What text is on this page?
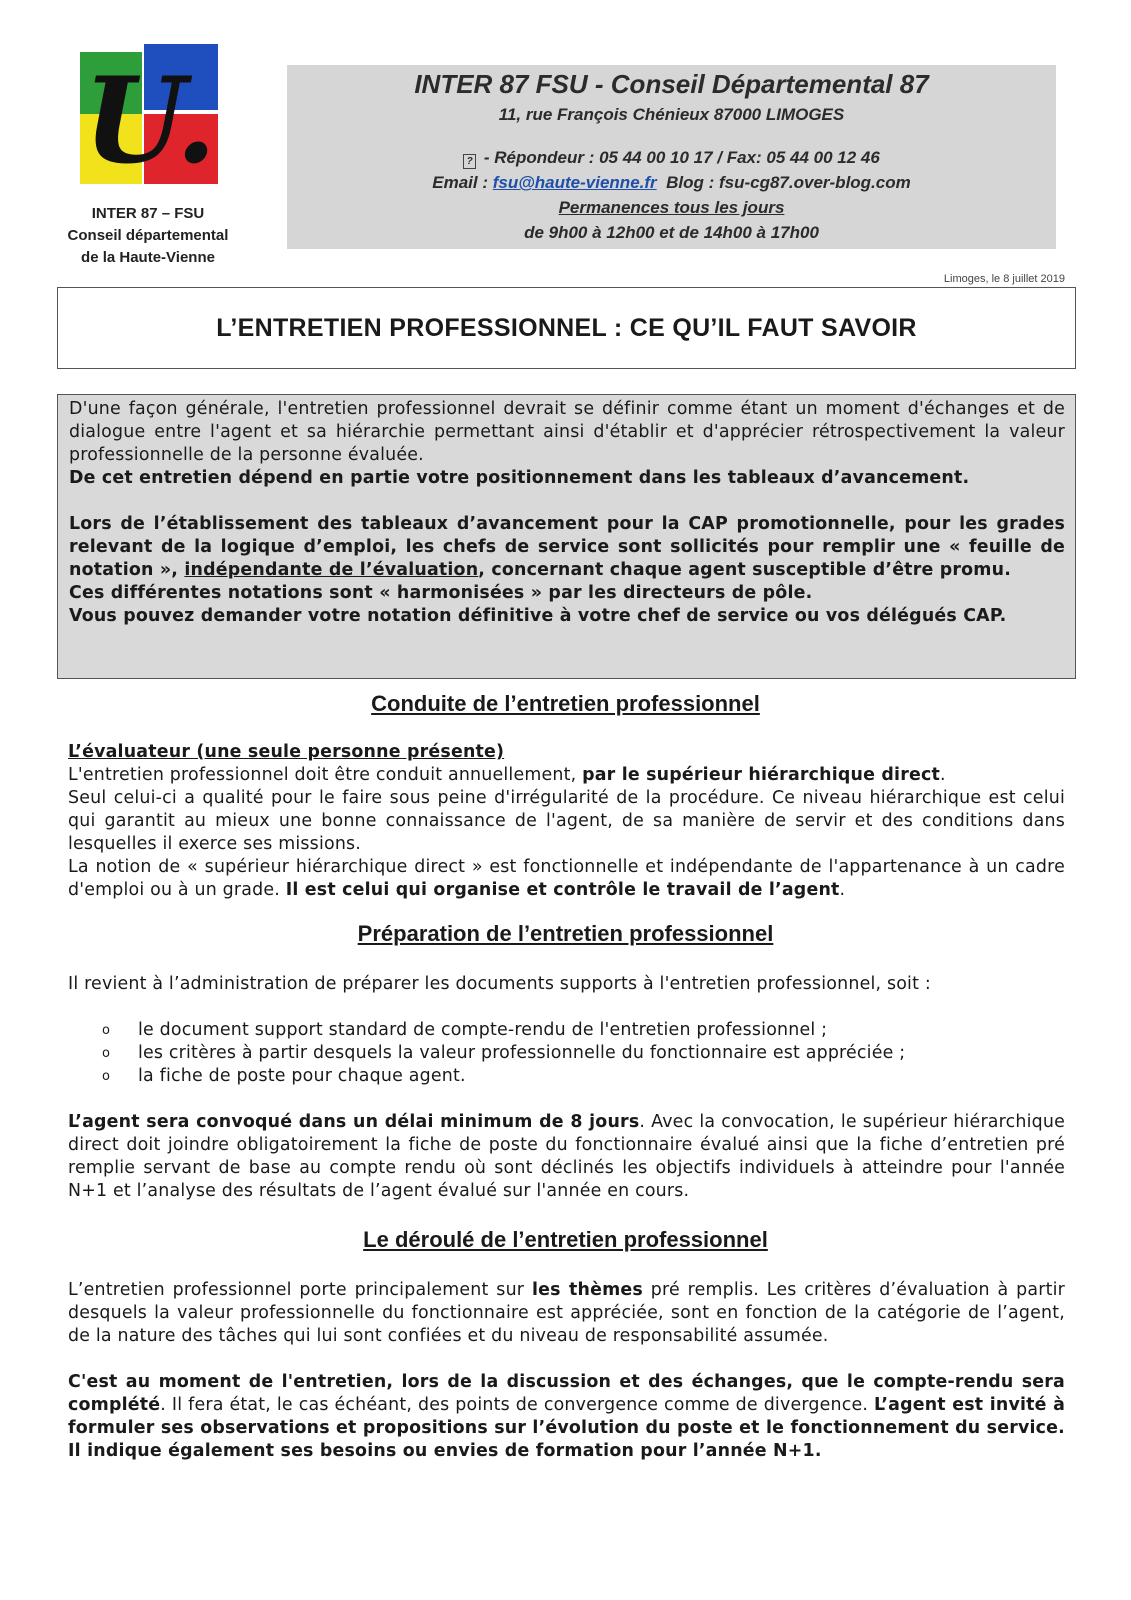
U.
INTER 87 – FSU
Conseil départemental
de la Haute-Vienne
INTER 87 FSU - Conseil Départemental 87
11, rue François Chénieux 87000 LIMOGES
? - Répondeur : 05 44 00 10 17 / Fax: 05 44 00 12 46
Email : fsu@haute-vienne.fr  Blog : fsu-cg87.over-blog.com
Permanences tous les jours
de 9h00 à 12h00 et de 14h00 à 17h00
Limoges, le 8 juillet 2019
L’ENTRETIEN PROFESSIONNEL : CE QU’IL FAUT SAVOIR

D'une façon générale, l'entretien professionnel devrait se définir comme étant un moment d'échanges et de dialogue entre l'agent et sa hiérarchie permettant ainsi d'établir et d'apprécier rétrospectivement la valeur professionnelle de la personne évaluée.
De cet entretien dépend en partie votre positionnement dans les tableaux d’avancement.

Lors de l’établissement des tableaux d’avancement pour la CAP promotionnelle, pour les grades relevant de la logique d’emploi, les chefs de service sont sollicités pour remplir une « feuille de notation », indépendante de l’évaluation, concernant chaque agent susceptible d’être promu.
Ces différentes notations sont « harmonisées » par les directeurs de pôle.
Vous pouvez demander votre notation définitive à votre chef de service ou vos délégués CAP.

Conduite de l’entretien professionnel

L’évaluateur (une seule personne présente)

L'entretien professionnel doit être conduit annuellement, par le supérieur hiérarchique direct.
Seul celui-ci a qualité pour le faire sous peine d'irrégularité de la procédure. Ce niveau hiérarchique est celui qui garantit au mieux une bonne connaissance de l'agent, de sa manière de servir et des conditions dans lesquelles il exerce ses missions.
La notion de « supérieur hiérarchique direct » est fonctionnelle et indépendante de l'appartenance à un cadre d'emploi ou à un grade. Il est celui qui organise et contrôle le travail de l’agent.

Préparation de l’entretien professionnel

Il revient à l’administration de préparer les documents supports à l'entretien professionnel, soit :

o le document support standard de compte-rendu de l'entretien professionnel ;
o les critères à partir desquels la valeur professionnelle du fonctionnaire est appréciée ;
o la fiche de poste pour chaque agent.

L’agent sera convoqué dans un délai minimum de 8 jours. Avec la convocation, le supérieur hiérarchique direct doit joindre obligatoirement la fiche de poste du fonctionnaire évalué ainsi que la fiche d’entretien pré remplie servant de base au compte rendu où sont déclinés les objectifs individuels à atteindre pour l'année N+1 et l’analyse des résultats de l’agent évalué sur l'année en cours.

Le déroulé de l’entretien professionnel

L’entretien professionnel porte principalement sur les thèmes pré remplis. Les critères d’évaluation à partir desquels la valeur professionnelle du fonctionnaire est appréciée, sont en fonction de la catégorie de l’agent, de la nature des tâches qui lui sont confiées et du niveau de responsabilité assumée.

C'est au moment de l'entretien, lors de la discussion et des échanges, que le compte-rendu sera complété. Il fera état, le cas échéant, des points de convergence comme de divergence. L’agent est invité à formuler ses observations et propositions sur l’évolution du poste et le fonctionnement du service. Il indique également ses besoins ou envies de formation pour l’année N+1.
